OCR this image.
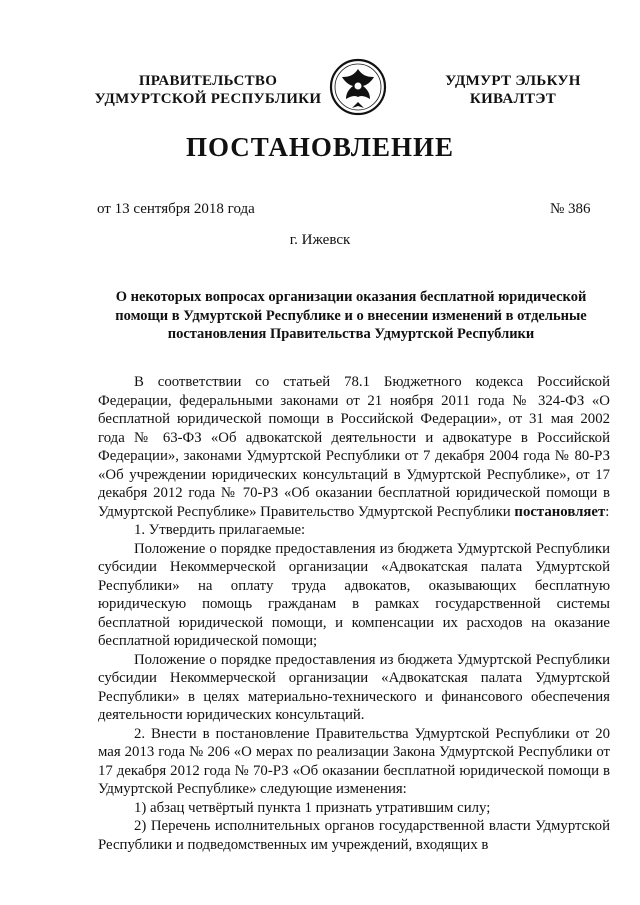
ПРАВИТЕЛЬСТВО
УДМУРТСКОЙ РЕСПУБЛИКИ
УДМУРТ ЭЛЬКУН
КИВАЛТЭТ
ПОСТАНОВЛЕНИЕ
от 13 сентября 2018 года	№ 386
г. Ижевск
О некоторых вопросах организации оказания бесплатной юридической помощи в Удмуртской Республике и о внесении изменений в отдельные постановления Правительства Удмуртской Республики

В соответствии со статьей 78.1 Бюджетного кодекса Российской Федерации, федеральными законами от 21 ноября 2011 года № 324-ФЗ «О бесплатной юридической помощи в Российской Федерации», от 31 мая 2002 года № 63-ФЗ «Об адвокатской деятельности и адвокатуре в Российской Федерации», законами Удмуртской Республики от 7 декабря 2004 года № 80-РЗ «Об учреждении юридических консультаций в Удмуртской Республике», от 17 декабря 2012 года № 70-РЗ «Об оказании бесплатной юридической помощи в Удмуртской Республике» Правительство Удмуртской Республики постановляет:

1. Утвердить прилагаемые:

Положение о порядке предоставления из бюджета Удмуртской Республики субсидии Некоммерческой организации «Адвокатская палата Удмуртской Республики» на оплату труда адвокатов, оказывающих бесплатную юридическую помощь гражданам в рамках государственной системы бесплатной юридической помощи, и компенсации их расходов на оказание бесплатной юридической помощи;

Положение о порядке предоставления из бюджета Удмуртской Республики субсидии Некоммерческой организации «Адвокатская палата Удмуртской Республики» в целях материально-технического и финансового обеспечения деятельности юридических консультаций.

2. Внести в постановление Правительства Удмуртской Республики от 20 мая 2013 года № 206 «О мерах по реализации Закона Удмуртской Республики от 17 декабря 2012 года № 70-РЗ «Об оказании бесплатной юридической помощи в Удмуртской Республике» следующие изменения:

1) абзац четвёртый пункта 1 признать утратившим силу;

2) Перечень исполнительных органов государственной власти Удмуртской Республики и подведомственных им учреждений, входящих в
